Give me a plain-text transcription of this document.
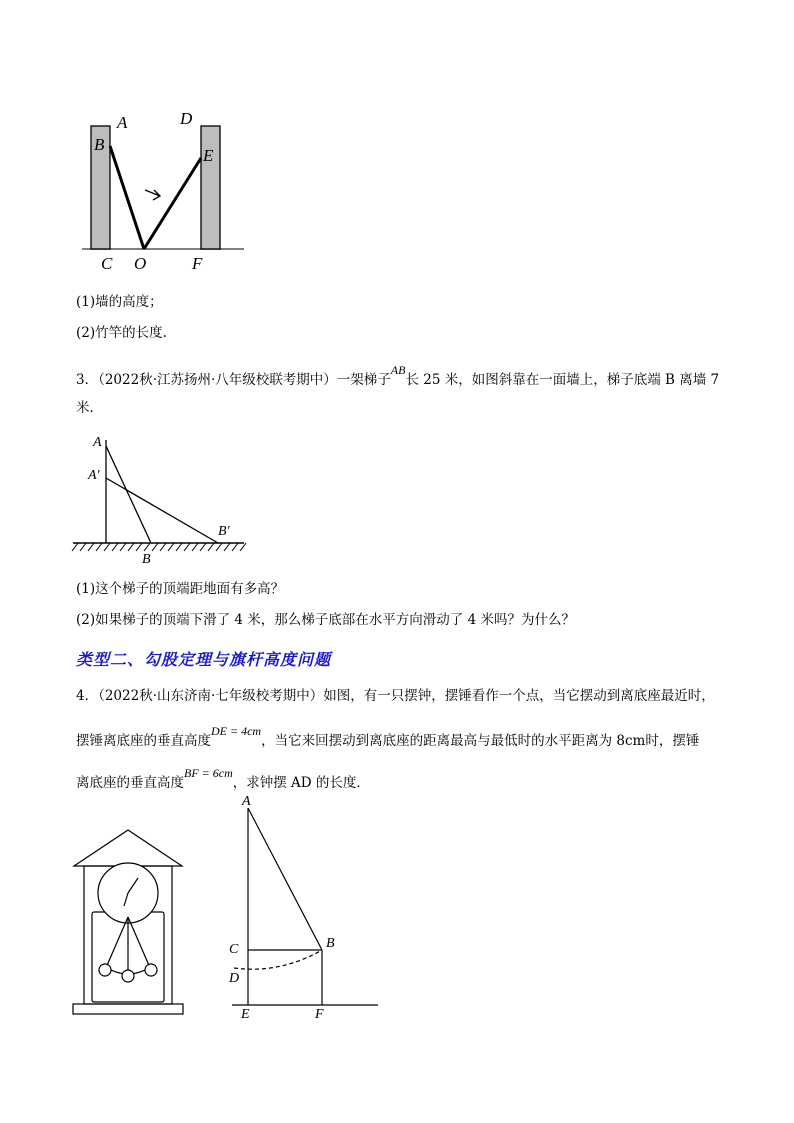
A
B
C O
D
E
F
(1)墙的高度；
(2)竹竿的长度.
3．（2022秋·江苏扬州·八年级校联考期中）一架梯子AB长 25 米，如图斜靠在一面墙上，梯子底端 B 离墙 7
米．
A
A′
B
B′
(1)这个梯子的顶端距地面有多高？
(2)如果梯子的顶端下滑了 4 米，那么梯子底部在水平方向滑动了 4 米吗？为什么？
类型二、勾股定理与旗杆高度问题
4．（2022秋·山东济南·七年级校考期中）如图，有一只摆钟，摆锤看作一个点，当它摆动到离底座最近时，
摆锤离底座的垂直高度DE = 4cm，当它来回摆动到离底座的距离最高与最低时的水平距离为 8cm时，摆锤
离底座的垂直高度BF = 6cm，求钟摆 AD 的长度．
A
B
C
D
E	F
